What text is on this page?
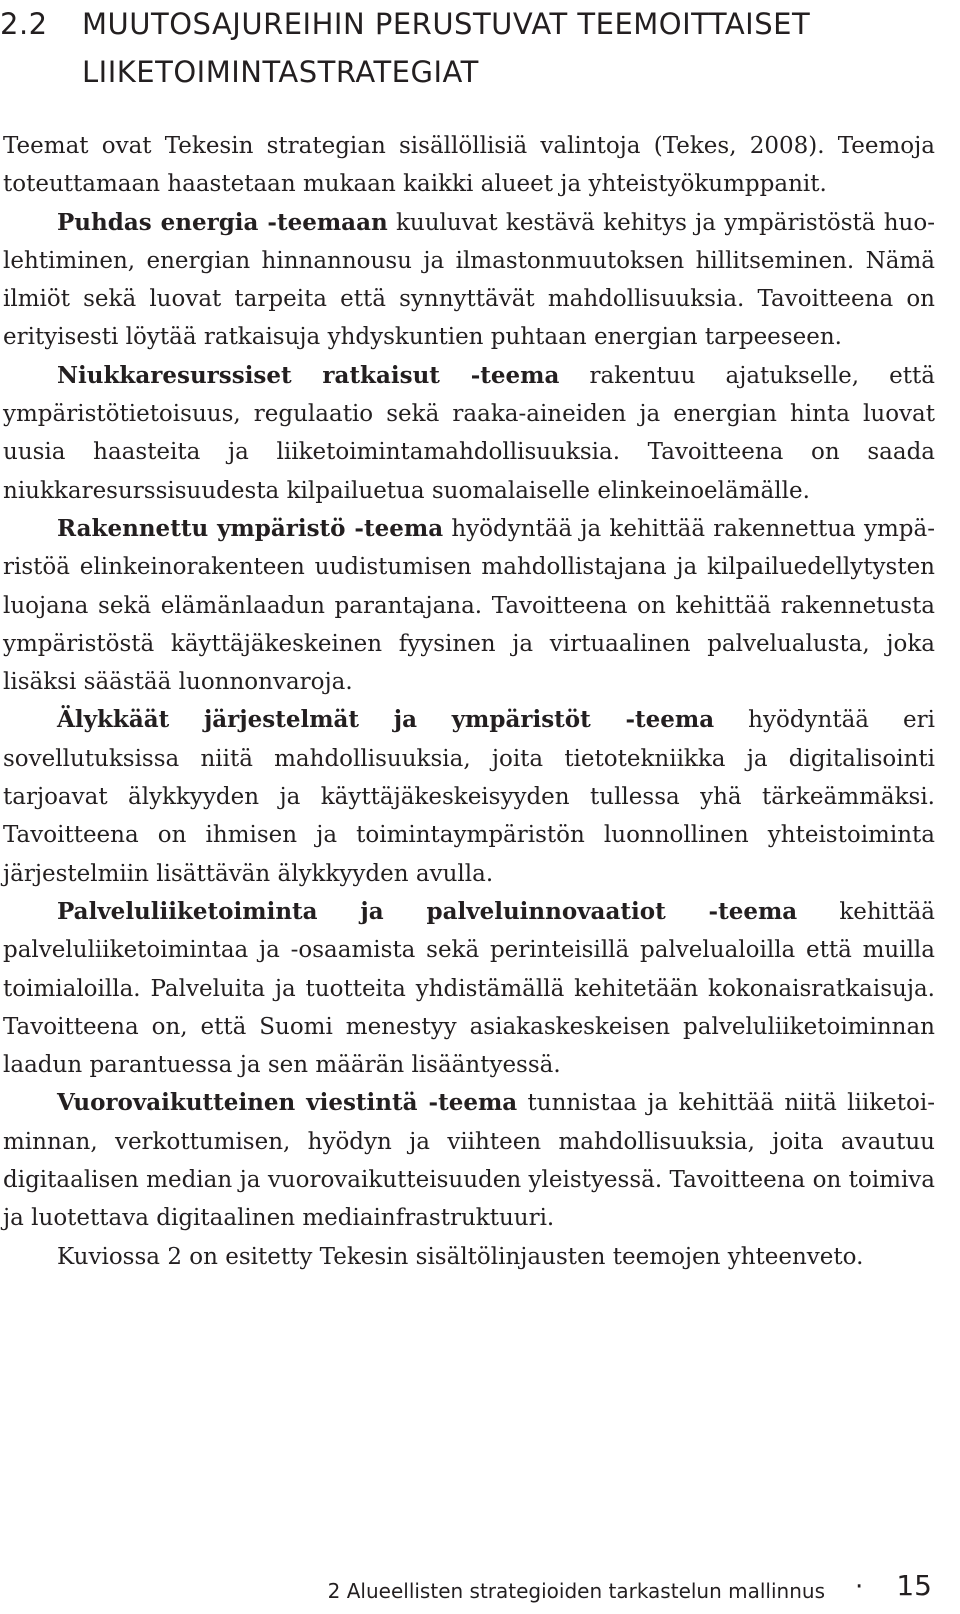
2.2 MUUTOSAJUREIHIN PERUSTUVAT TEEMOITTAISET
LIIKETOIMINTASTRATEGIAT

Teemat ovat Tekesin strategian sisällöllisiä valintoja (Tekes, 2008). Teemoja toteuttamaan haastetaan mukaan kaikki alueet ja yhteistyökumppanit.

Puhdas energia -teemaan kuuluvat kestävä kehitys ja ympäristöstä huolehtiminen, energian hinnannousu ja ilmastonmuutoksen hillitseminen. Nämä ilmiöt sekä luovat tarpeita että synnyttävät mahdollisuuksia. Tavoitteena on erityisesti löytää ratkaisuja yhdyskuntien puhtaan energian tarpeeseen.

Niukkaresurssiset ratkaisut -teema rakentuu ajatukselle, että ympäristötietoisuus, regulaatio sekä raaka-aineiden ja energian hinta luovat uusia haasteita ja liiketoimintamahdollisuuksia. Tavoitteena on saada niukkaresurssisuudesta kilpailuetua suomalaiselle elinkeinoelämälle.

Rakennettu ympäristö -teema hyödyntää ja kehittää rakennettua ympäristöä elinkeinorakenteen uudistumisen mahdollistajana ja kilpailuedellytysten luojana sekä elämänlaadun parantajana. Tavoitteena on kehittää rakennetusta ympäristöstä käyttäjäkeskeinen fyysinen ja virtuaalinen palvelualusta, joka lisäksi säästää luonnonvaroja.

Älykkäät järjestelmät ja ympäristöt -teema hyödyntää eri sovellutuksissa niitä mahdollisuuksia, joita tietotekniikka ja digitalisointi tarjoavat älykkyyden ja käyttäjäkeskeisyyden tullessa yhä tärkeämmäksi. Tavoitteena on ihmisen ja toimintaympäristön luonnollinen yhteistoiminta järjestelmiin lisättävän älykkyyden avulla.

Palveluliiketoiminta ja palveluinnovaatiot -teema kehittää palveluliiketoimintaa ja -osaamista sekä perinteisillä palvelualoilla että muilla toimialoilla. Palveluita ja tuotteita yhdistämällä kehitetään kokonaisratkaisuja. Tavoitteena on, että Suomi menestyy asiakaskeskeisen palveluliiketoiminnan laadun parantuessa ja sen määrän lisääntyessä.

Vuorovaikutteinen viestintä -teema tunnistaa ja kehittää niitä liiketoiminnan, verkottumisen, hyödyn ja viihteen mahdollisuuksia, joita avautuu digitaalisen median ja vuorovaikutteisuuden yleistyessä. Tavoitteena on toimiva ja luotettava digitaalinen mediainfrastruktuuri.

Kuviossa 2 on esitetty Tekesin sisältölinjausten teemojen yhteenveto.

2 Alueellisten strategioiden tarkastelun mallinnus · 15
